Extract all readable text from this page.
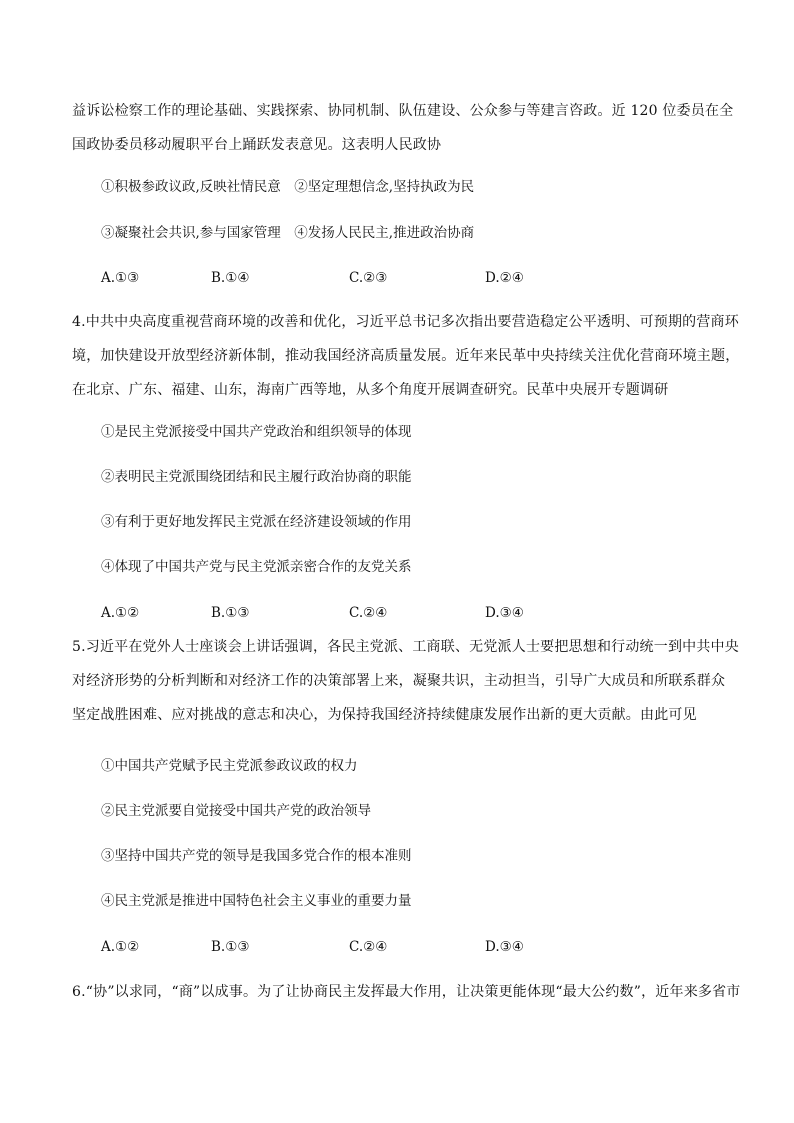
益诉讼检察工作的理论基础、实践探索、协同机制、队伍建设、公众参与等建言咨政。近 120 位委员在全
国政协委员移动履职平台上踊跃发表意见。这表明人民政协
①积极参政议政,反映社情民意　②坚定理想信念,坚持执政为民
③凝聚社会共识,参与国家管理　④发扬人民民主,推进政治协商
A.①③	B.①④	C.②③	D.②④
4.中共中央高度重视营商环境的改善和优化，习近平总书记多次指出要营造稳定公平透明、可预期的营商环
境，加快建设开放型经济新体制，推动我国经济高质量发展。近年来民革中央持续关注优化营商环境主题，
在北京、广东、福建、山东，海南广西等地，从多个角度开展调查研究。民革中央展开专题调研
①是民主党派接受中国共产党政治和组织领导的体现
②表明民主党派围绕团结和民主履行政治协商的职能
③有利于更好地发挥民主党派在经济建设领域的作用
④体现了中国共产党与民主党派亲密合作的友党关系
A.①②	B.①③	C.②④	D.③④
5.习近平在党外人士座谈会上讲话强调，各民主党派、工商联、无党派人士要把思想和行动统一到中共中央
对经济形势的分析判断和对经济工作的决策部署上来，凝聚共识，主动担当，引导广大成员和所联系群众
坚定战胜困难、应对挑战的意志和决心，为保持我国经济持续健康发展作出新的更大贡献。由此可见
①中国共产党赋予民主党派参政议政的权力
②民主党派要自觉接受中国共产党的政治领导
③坚持中国共产党的领导是我国多党合作的根本准则
④民主党派是推进中国特色社会主义事业的重要力量
A.①②	B.①③	C.②④	D.③④
6.“协”以求同，“商”以成事。为了让协商民主发挥最大作用，让决策更能体现“最大公约数”，近年来多省市
